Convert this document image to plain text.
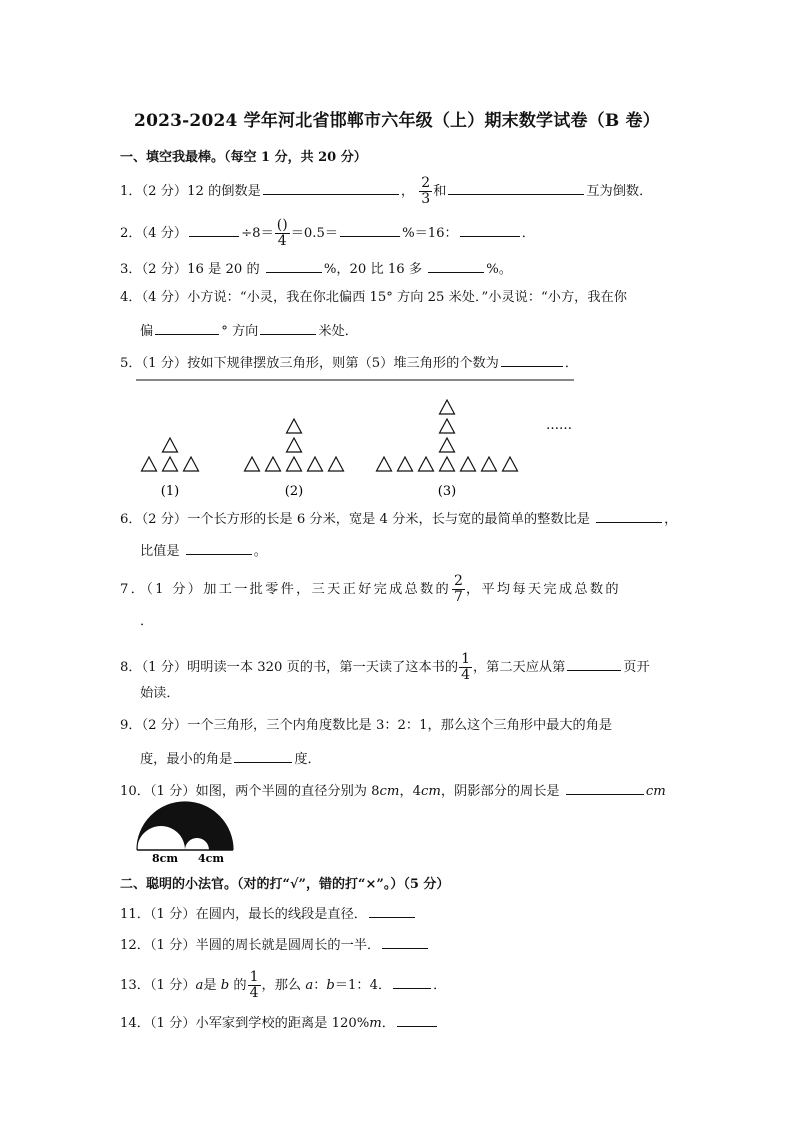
2023-2024 学年河北省邯郸市六年级（上）期末数学试卷（B 卷）
一、填空我最棒。（每空 1 分，共 20 分）
1．（2 分）12 的倒数是	， $\frac{2}{3}$ 和	互为倒数．
2．（4 分）	$\div 8= \frac{()}{4} =0.5=$	%＝16：	．
3．（2 分）16 是 20 的	%，20 比 16 多	%。
4．（4 分）小方说：“小灵，我在你北偏西 15° 方向 25 米处．”小灵说：“小方，我在你
偏	° 方向	米处．
5．（1 分）按如下规律摆放三角形，则第（5）堆三角形的个数为	．
(1)	(2)	(3)
……
6．（2 分）一个长方形的长是 6 分米，宽是 4 分米，长与宽的最简单的整数比是	，
比值是	。
7．（1 分）加工一批零件，三天正好完成总数的 $\frac{2}{7}$ ，平均每天完成总数的
．
8．（1 分）明明读一本 320 页的书，第一天读了这本书的 $\frac{1}{4}$ ，第二天应从第	页开
始读．
9．（2 分）一个三角形，三个内角度数比是 3：2：1，那么这个三角形中最大的角是
度，最小的角是	度．
10．（1 分）如图，两个半圆的直径分别为 8cm，4cm，阴影部分的周长是	cm
8cm 4cm
二、聪明的小法官。（对的打“√”，错的打“×”。）（5 分）
11．（1 分）在圆内，最长的线段是直径．
12．（1 分）半圆的周长就是圆周长的一半．
13．（1 分）a是 b 的 $\frac{1}{4}$ ，那么 a：b＝1：4．	．
14．（1 分）小军家到学校的距离是 120%m．
